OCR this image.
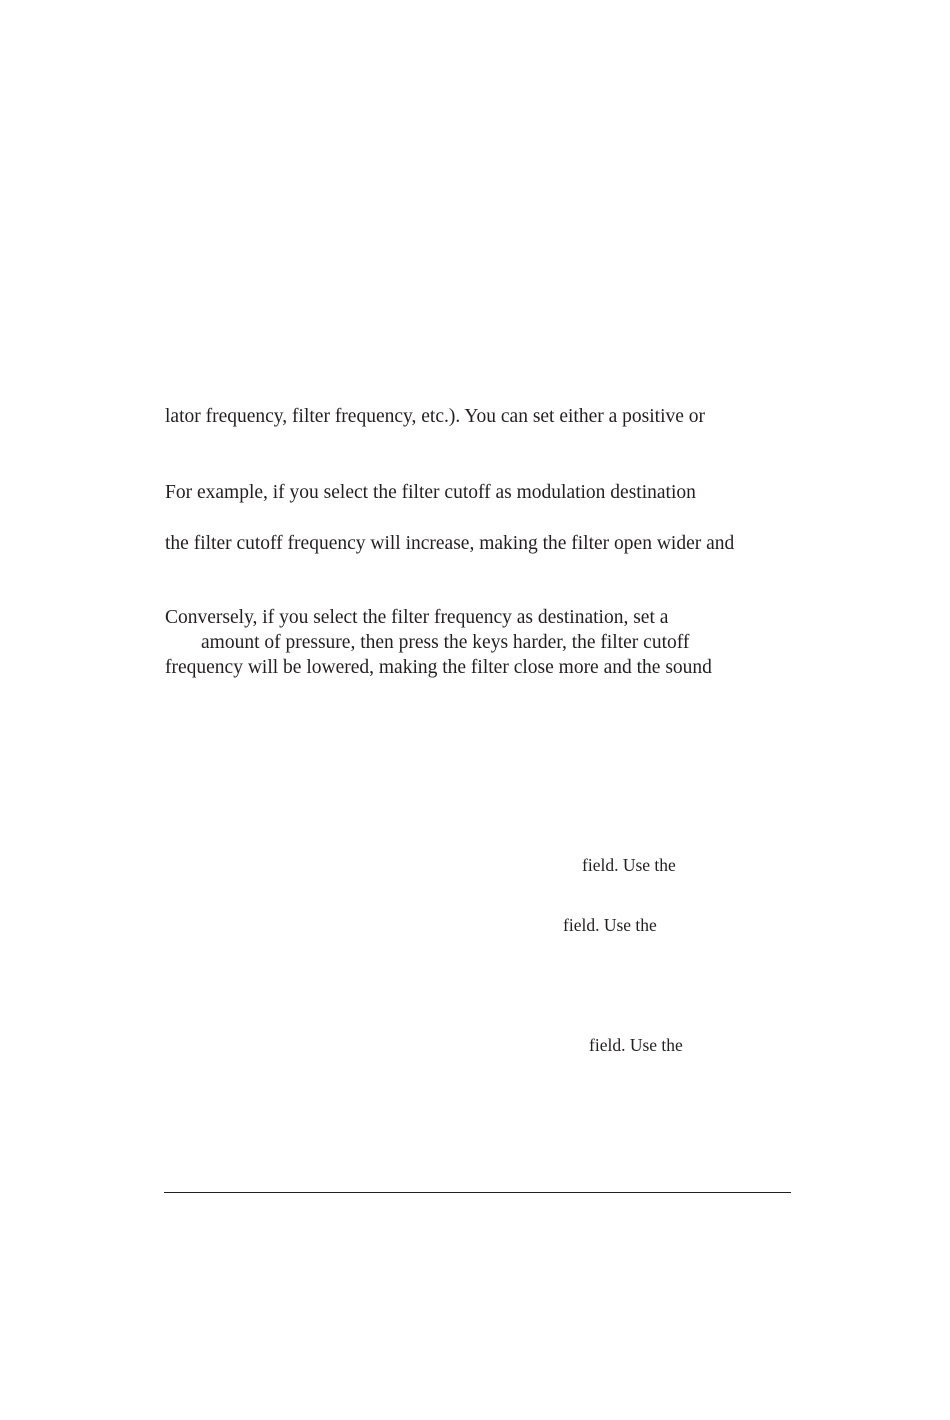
lator frequency, filter frequency, etc.). You can set either a positive or
For example, if you select the filter cutoff as modulation destination
the filter cutoff frequency will increase, making the filter open wider and
Conversely, if you select the filter frequency as destination, set a
amount of pressure, then press the keys harder, the filter cutoff
frequency will be lowered, making the filter close more and the sound
field. Use the
field. Use the
field. Use the
